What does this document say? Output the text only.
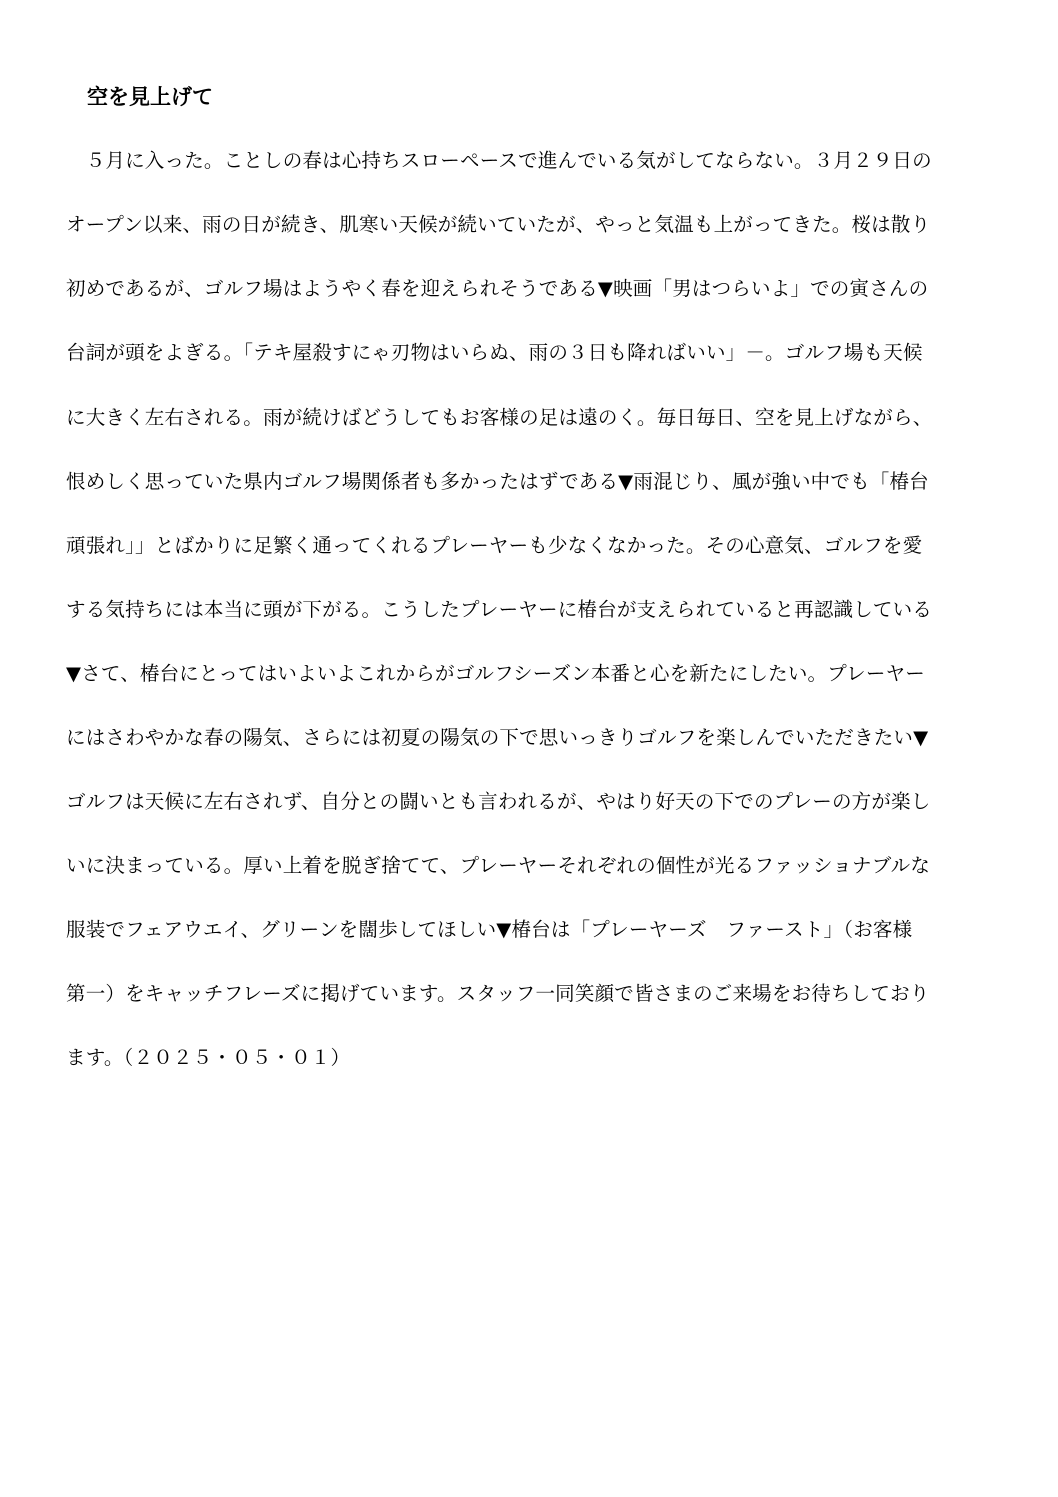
空を見上げて

　５月に入った。ことしの春は心持ちスローペースで進んでいる気がしてならない。３月２９日の

オープン以来、雨の日が続き、肌寒い天候が続いていたが、やっと気温も上がってきた。桜は散り

初めであるが、ゴルフ場はようやく春を迎えられそうである▼映画「男はつらいよ」での寅さんの

台詞が頭をよぎる。「テキ屋殺すにゃ刃物はいらぬ、雨の３日も降ればいい」－。ゴルフ場も天候

に大きく左右される。雨が続けばどうしてもお客様の足は遠のく。毎日毎日、空を見上げながら、

恨めしく思っていた県内ゴルフ場関係者も多かったはずである▼雨混じり、風が強い中でも「椿台

頑張れ」」とばかりに足繁く通ってくれるプレーヤーも少なくなかった。その心意気、ゴルフを愛

する気持ちには本当に頭が下がる。こうしたプレーヤーに椿台が支えられていると再認識している

▼さて、椿台にとってはいよいよこれからがゴルフシーズン本番と心を新たにしたい。プレーヤー

にはさわやかな春の陽気、さらには初夏の陽気の下で思いっきりゴルフを楽しんでいただきたい▼

ゴルフは天候に左右されず、自分との闘いとも言われるが、やはり好天の下でのプレーの方が楽し

いに決まっている。厚い上着を脱ぎ捨てて、プレーヤーそれぞれの個性が光るファッショナブルな

服装でフェアウエイ、グリーンを闊歩してほしい▼椿台は「プレーヤーズ　ファースト」（お客様

第一）をキャッチフレーズに掲げています。スタッフ一同笑顔で皆さまのご来場をお待ちしており

ます。（２０２５・０５・０１）
